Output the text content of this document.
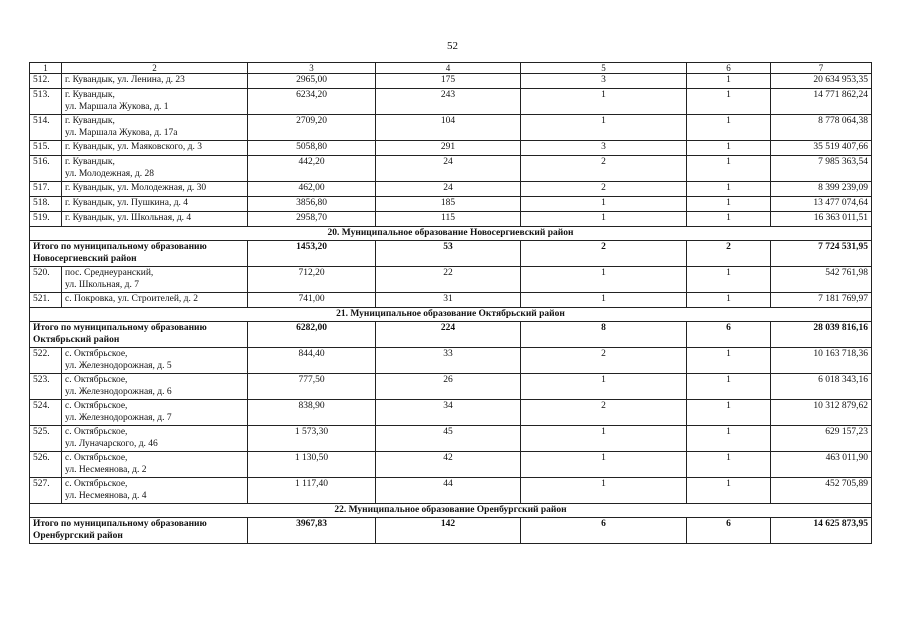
52
1	2	3	4	5	6	7
512.	г. Кувандык, ул. Ленина, д. 23	2965,00	175	3	1	20 634 953,35
513.	г. Кувандык,
ул. Маршала Жукова, д. 1	6234,20	243	1	1	14 771 862,24
514.	г. Кувандык,
ул. Маршала Жукова, д. 17а	2709,20	104	1	1	8 778 064,38
515.	г. Кувандык, ул. Маяковского, д. 3	5058,80	291	3	1	35 519 407,66
516.	г. Кувандык,
ул. Молодежная, д. 28	442,20	24	2	1	7 985 363,54
517.	г. Кувандык, ул. Молодежная, д. 30	462,00	24	2	1	8 399 239,09
518.	г. Кувандык, ул. Пушкина, д. 4	3856,80	185	1	1	13 477 074,64
519.	г. Кувандык, ул. Школьная, д. 4	2958,70	115	1	1	16 363 011,51
20. Муниципальное образование Новосергиевский район						

Итого по муниципальному образованию
Новосергиевский район		1453,20	53	2	2	7 724 531,95
520.	пос. Среднеуранский,
ул. Школьная, д. 7	712,20	22	1	1	542 761,98
521.	с. Покровка, ул. Строителей, д. 2	741,00	31	1	1	7 181 769,97
21. Муниципальное образование Октябрьский район						

Итого по муниципальному образованию
Октябрьский район		6282,00	224	8	6	28 039 816,16
522.	с. Октябрьское,
ул. Железнодорожная, д. 5	844,40	33	2	1	10 163 718,36
523.	с. Октябрьское,
ул. Железнодорожная, д. 6	777,50	26	1	1	6 018 343,16
524.	с. Октябрьское,
ул. Железнодорожная, д. 7	838,90	34	2	1	10 312 879,62
525.	с. Октябрьское,
ул. Луначарского, д. 46	1 573,30	45	1	1	629 157,23
526.	с. Октябрьское,
ул. Несмеянова, д. 2	1 130,50	42	1	1	463 011,90
527.	с. Октябрьское,
ул. Несмеянова, д. 4	1 117,40	44	1	1	452 705,89
22. Муниципальное образование Оренбургский район						

Итого по муниципальному образованию
Оренбургский район		3967,83	142	6	6	14 625 873,95
